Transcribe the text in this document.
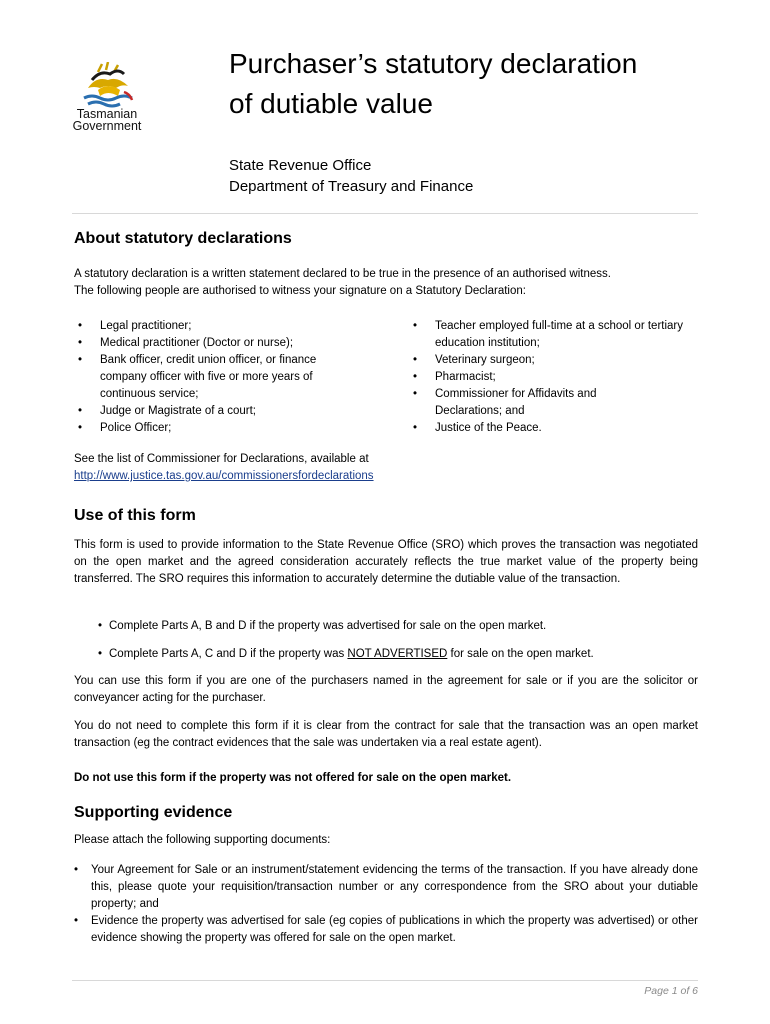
Tasmanian
Government
Purchaser’s statutory declaration
of dutiable value
State Revenue Office
Department of Treasury and Finance
About statutory declarations
A statutory declaration is a written statement declared to be true in the presence of an authorised witness.
The following people are authorised to witness your signature on a Statutory Declaration:
• Legal practitioner;
• Medical practitioner (Doctor or nurse);
• Bank officer, credit union officer, or finance company officer with five or more years of continuous service;
• Judge or Magistrate of a court;
• Police Officer;
• Teacher employed full-time at a school or tertiary education institution;
• Veterinary surgeon;
• Pharmacist;
• Commissioner for Affidavits and Declarations; and
• Justice of the Peace.
See the list of Commissioner for Declarations, available at
http://www.justice.tas.gov.au/commissionersfordeclarations
Use of this form
This form is used to provide information to the State Revenue Office (SRO) which proves the transaction was negotiated on the open market and the agreed consideration accurately reflects the true market value of the property being transferred. The SRO requires this information to accurately determine the dutiable value of the transaction.
• Complete Parts A, B and D if the property was advertised for sale on the open market.
• Complete Parts A, C and D if the property was NOT ADVERTISED for sale on the open market.
You can use this form if you are one of the purchasers named in the agreement for sale or if you are the solicitor or conveyancer acting for the purchaser.
You do not need to complete this form if it is clear from the contract for sale that the transaction was an open market transaction (eg the contract evidences that the sale was undertaken via a real estate agent).
Do not use this form if the property was not offered for sale on the open market.
Supporting evidence
Please attach the following supporting documents:
• Your Agreement for Sale or an instrument/statement evidencing the terms of the transaction. If you have already done this, please quote your requisition/transaction number or any correspondence from the SRO about your dutiable property; and
• Evidence the property was advertised for sale (eg copies of publications in which the property was advertised) or other evidence showing the property was offered for sale on the open market.
Page 1 of 6
